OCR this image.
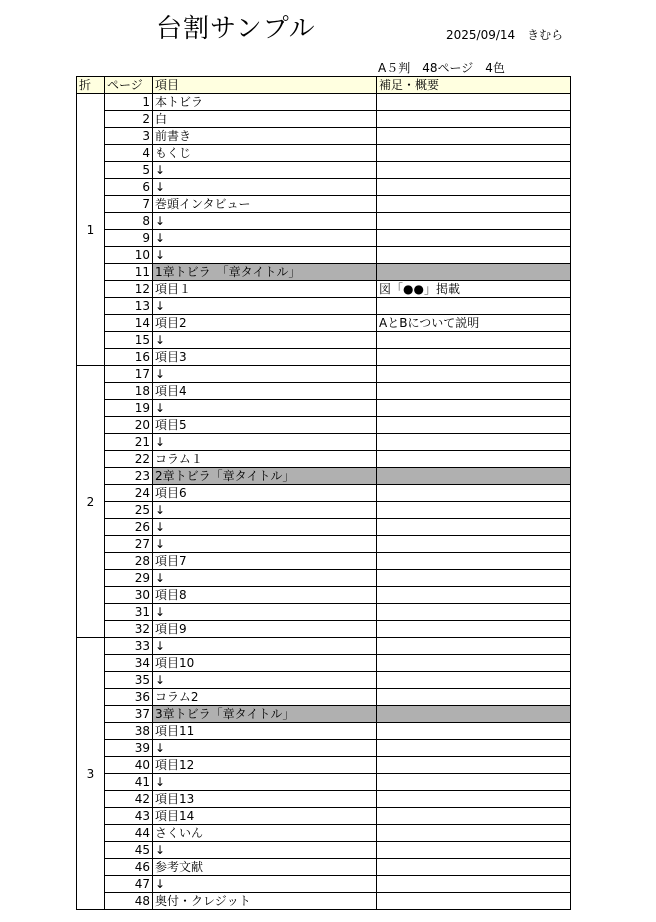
台割サンプル	2025/09/14　きむら
A５判　48ページ　4色
折	ページ	項目	補足・概要
1	1	本トビラ	
	2	白	
	3	前書き	
	4	もくじ	
	5	↓	
	6	↓	
	7	巻頭インタビュー	
	8	↓	
	9	↓	
	10	↓	
	11	1章トビラ　「章タイトル」	
	12	項目１	図「●●」掲載
	13	↓	
	14	項目2	AとBについて説明
	15	↓	
	16	項目3	
2	17	↓	
	18	項目4	
	19	↓	
	20	項目5	
	21	↓	
	22	コラム１	
	23	2章トビラ「章タイトル」	
	24	項目6	
	25	↓	
	26	↓	
	27	↓	
	28	項目7	
	29	↓	
	30	項目8	
	31	↓	
	32	項目9	
3	33	↓	
	34	項目10	
	35	↓	
	36	コラム2	
	37	3章トビラ「章タイトル」	
	38	項目11	
	39	↓	
	40	項目12	
	41	↓	
	42	項目13	
	43	項目14	
	44	さくいん	
	45	↓	
	46	参考文献	
	47	↓	
	48	奥付・クレジット	
